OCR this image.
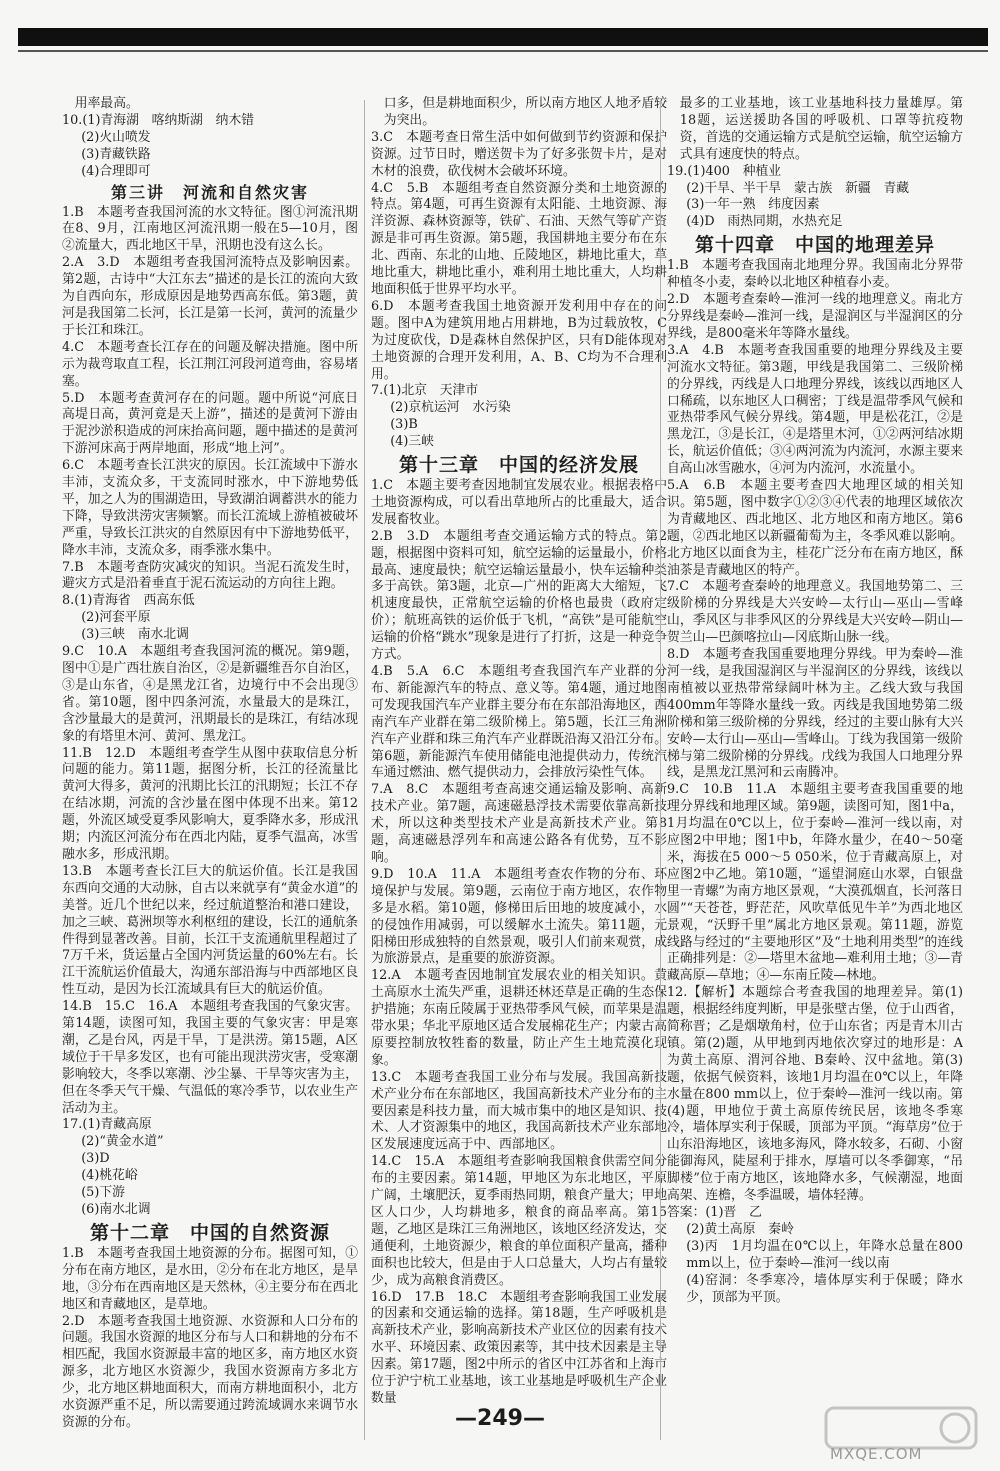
用率最高。
10.(1)青海湖　喀纳斯湖　纳木错
(2)火山喷发
(3)青藏铁路
(4)合理即可
第三讲　河流和自然灾害
1.B　本题考查我国河流的水文特征。图①河流汛期在8、9月，江南地区河流汛期一般在5—10月，图②流量大，西北地区干旱，汛期也没有这么长。
2.A　3.D　本题组考查我国河流特点及影响因素。第2题，古诗中“大江东去”描述的是长江的流向大致为自西向东，形成原因是地势西高东低。第3题，黄河是我国第二长河，长江是第一长河，黄河的流量少于长江和珠江。
4.C　本题考查长江存在的问题及解决措施。图中所示为裁弯取直工程，长江荆江河段河道弯曲，容易堵塞。
5.D　本题考查黄河存在的问题。题中所说“河底日高堤日高，黄河竟是天上游”，描述的是黄河下游由于泥沙淤积造成的河床抬高问题，题中描述的是黄河下游河床高于两岸地面，形成“地上河”。
6.C　本题考查长江洪灾的原因。长江流域中下游水丰沛，支流众多，干支流同时涨水，中下游地势低平，加之人为的围湖造田，导致湖泊调蓄洪水的能力下降，导致洪涝灾害频繁。而长江流域上游植被破坏严重，导致长江洪灾的自然原因有中下游地势低平，降水丰沛，支流众多，雨季涨水集中。
7.B　本题考查防灾减灾的知识。当泥石流发生时，避灾方式是沿着垂直于泥石流运动的方向往上跑。
8.(1)青海省　西高东低
(2)河套平原
(3)三峡　南水北调
9.C　10.A　本题组考查我国河流的概况。第9题，图中①是广西壮族自治区，②是新疆维吾尔自治区，③是山东省，④是黑龙江省，边境行中不会出现③省。第10题，图中四条河流，水量最大的是珠江，含沙量最大的是黄河，汛期最长的是珠江，有结冰现象的有塔里木河、黄河、黑龙江。
11.B　12.D　本题组考查学生从图中获取信息分析问题的能力。第11题，据图分析，长江的径流量比黄河大得多，黄河的汛期比长江的汛期短；长江不存在结冰期，河流的含沙量在图中体现不出来。第12题，外流区域受夏季风影响大，夏季降水多，形成汛期；内流区河流分布在西北内陆，夏季气温高，冰雪融水多，形成汛期。
13.B　本题考查长江巨大的航运价值。长江是我国东西向交通的大动脉，自古以来就享有“黄金水道”的美誉。近几个世纪以来，经过航道整治和港口建设，加之三峡、葛洲坝等水利枢纽的建设，长江的通航条件得到显著改善。目前，长江干支流通航里程超过了7万千米，货运量占全国内河货运量的60%左右。长江干流航运价值最大，沟通东部沿海与中西部地区良性互动，是因为长江流域具有巨大的航运价值。
14.B　15.C　16.A　本题组考查我国的气象灾害。第14题，读图可知，我国主要的气象灾害：甲是寒潮，乙是台风，丙是干旱，丁是洪涝。第15题，A区域位于干旱多发区，也有可能出现洪涝灾害，受寒潮影响较大，冬季以寒潮、沙尘暴、干旱等灾害为主，但在冬季天气干燥、气温低的寒冷季节，以农业生产活动为主。
17.(1)青藏高原
(2)“黄金水道”
(3)D
(4)桃花峪
(5)下游
(6)南水北调
第十二章　中国的自然资源
1.B　本题考查我国土地资源的分布。据图可知，①分布在南方地区，是水田，②分布在北方地区，是旱地，③分布在西南地区是天然林，④主要分布在西北地区和青藏地区，是草地。
2.D　本题考查我国土地资源、水资源和人口分布的问题。我国水资源的地区分布与人口和耕地的分布不相匹配，我国水资源最丰富的地区多，南方地区水资源多，北方地区水资源少，我国水资源南方多北方少，北方地区耕地面积大，而南方耕地面积小，北方水资源严重不足，所以需要通过跨流域调水来调节水资源的分布。
口多，但是耕地面积少，所以南方地区人地矛盾较为突出。
3.C　本题考查日常生活中如何做到节约资源和保护资源。过节日时，赠送贺卡为了好多张贺卡片，是对木材的浪费，砍伐树木会破坏环境。
4.C　5.B　本题组考查自然资源分类和土地资源的特点。第4题，可再生资源有太阳能、土地资源、海洋资源、森林资源等，铁矿、石油、天然气等矿产资源是非可再生资源。第5题，我国耕地主要分布在东北、西南、东北的山地、丘陵地区，耕地比重大，草地比重大，耕地比重小，难利用土地比重大，人均耕地面积低于世界平均水平。
6.D　本题考查我国土地资源开发利用中存在的问题。图中A为建筑用地占用耕地，B为过载放牧，C为过度砍伐，D是森林自然保护区，只有D能体现对土地资源的合理开发利用，A、B、C均为不合理利用。
7.(1)北京　天津市
(2)京杭运河　水污染
(3)B
(4)三峡
第十三章　中国的经济发展
1.C　本题主要考查因地制宜发展农业。根据表格中土地资源构成，可以看出草地所占的比重最大，适合发展畜牧业。
2.B　3.D　本题组考查交通运输方式的特点。第2题，根据图中资料可知，航空运输的运量最小，价格最高、速度最快；航空运输运量最小，快车运输种类多于高铁。第3题，北京—广州的距离大大缩短，飞机速度最快，正常航空运输的价格也最贵（政府定价）；航班高铁的运价低于飞机，“高铁”是可能航空运输的价格“跳水”现象是进行了打折，这是一种竞争方式。
4.B　5.A　6.C　本题组考查我国汽车产业群的分布、新能源汽车的特点、意义等。第4题，通过地图可发现我国汽车产业群主要分布在东部沿海地区，西南汽车产业群在第二级阶梯上。第5题，长江三角洲汽车产业群和珠三角汽车产业群既沿海又沿江分布。第6题，新能源汽车使用储能电池提供动力，传统汽车通过燃油、燃气提供动力，会排放污染性气体。
7.A　8.C　本题组考查高速交通运输及影响、高新技术产业。第7题，高速磁悬浮技术需要依靠高新技术，所以这种类型技术产业是高新技术产业。第8题，高速磁悬浮列车和高速公路各有优势，互不影响。
9.D　10.A　11.A　本题组考查农作物的分布、环境保护与发展。第9题，云南位于南方地区，农作物多是水稻。第10题，修梯田后田地的坡度减小，水的侵蚀作用减弱，可以缓解水土流失。第11题，元阳梯田形成独特的自然景观，吸引人们前来观赏，成为旅游景点，是重要的旅游资源。
12.A　本题考查因地制宜发展农业的相关知识。黄土高原水土流失严重，退耕还林还草是正确的生态保护措施；东南丘陵属于亚热带季风气候，而苹果是温带水果；华北平原地区适合发展棉花生产；内蒙古高原要控制放牧牲畜的数量，防止产生土地荒漠化现象。
13.C　本题考查我国工业分布与发展。我国高新技术产业分布在东部地区，我国高新技术产业分布的主要因素是科技力量，而大城市集中的地区是知识、技术、人才资源集中的地区，我国高新技术产业东部地区发展速度远高于中、西部地区。
14.C　15.A　本题组考查影响我国粮食供需空间分布的主要因素。第14题，甲地区为东北地区，平原广阔，土壤肥沃，夏季雨热同期，粮食产量大；甲地区人口少，人均耕地多，粮食的商品率高。第15题，乙地区是珠江三角洲地区，该地区经济发达，交通便利，土地资源少，粮食的单位面积产量高，播种面积也比较大，但是由于人口总量大，人均占有量较少，成为高粮食消费区。
16.D　17.B　18.C　本题组考查影响我国工业发展的因素和交通运输的选择。第18题，生产呼吸机是高新技术产业，影响高新技术产业区位的因素有技术水平、环境因素、政策因素等，其中技术因素是主导因素。第17题，图2中所示的省区中江苏省和上海市位于沪宁杭工业基地，该工业基地是呼吸机生产企业数量
最多的工业基地，该工业基地科技力量雄厚。第18题，运送援助各国的呼吸机、口罩等抗疫物资，首选的交通运输方式是航空运输，航空运输方式具有速度快的特点。
19.(1)400　种植业
(2)干旱、半干旱　蒙古族　新疆　青藏
(3)一年一熟　纬度因素
(4)D　雨热同期，水热充足
第十四章　中国的地理差异
1.B　本题考查我国南北地理分界。我国南北分界带种植冬小麦，秦岭以北地区种植春小麦。
2.D　本题考查秦岭—淮河一线的地理意义。南北方分界线是秦岭—淮河一线，是湿润区与半湿润区的分界线，是800毫米年等降水量线。
3.A　4.B　本题考查我国重要的地理分界线及主要河流水文特征。第3题，甲线是我国第二、三级阶梯的分界线，丙线是人口地理分界线，该线以西地区人口稀疏，以东地区人口稠密；丁线是温带季风气候和亚热带季风气候分界线。第4题，甲是松花江，②是黑龙江，③是长江，④是塔里木河，①②两河结冰期长，航运价值低；③④两河流为内流河，水源主要来自高山冰雪融水，④河为内流河，水流量小。
5.A　6.B　本题主要考查四大地理区域的相关知识。第5题，图中数字①②③④代表的地理区域依次为青藏地区、西北地区、北方地区和南方地区。第6题，②西北地区以新疆葡萄为主，冬季风难以影响。北方地区以面食为主，桂花广泛分布在南方地区，酥油茶是青藏地区的特产。
7.C　本题考查秦岭的地理意义。我国地势第二、三级阶梯的分界线是大兴安岭—太行山—巫山—雪峰山，季风区与非季风区的分界线是大兴安岭—阴山—贺兰山—巴颜喀拉山—冈底斯山脉一线。
8.D　本题考查我国重要地理分界线。甲为秦岭—淮河一线，是我国湿润区与半湿润区的分界线，该线以南植被以亚热带常绿阔叶林为主。乙线大致与我国400mm年等降水量线一致。丙线是我国地势第二级阶梯和第三级阶梯的分界线，经过的主要山脉有大兴安岭—太行山—巫山—雪峰山。丁线为我国第一级阶梯与第二级阶梯的分界线。戊线为我国人口地理分界线，是黑龙江黑河和云南腾冲。
9.C　10.B　11.A　本题组主要考查我国重要的地理分界线和地理区域。第9题，读图可知，图1中a，1月均温在0℃以上，位于秦岭—淮河一线以南，对应图2中甲地；图1中b，年降水量少，在40～50毫米，海拔在5 000～5 050米，位于青藏高原上，对应图2中乙地。第10题，“遥望洞庭山水翠，白银盘里一青螺”为南方地区景观，“大漠孤烟直，长河落日圆”“天苍苍，野茫茫，风吹草低见牛羊”为西北地区景观，“沃野千里”属北方地区景观。第11题，游览线路与经过的“主要地形区”及“土地利用类型”的连线正确排列是：②—塔里木盆地—难利用土地；③—青藏高原—草地；④—东南丘陵—林地。
12.【解析】本题综合考查我国的地理差异。第(1)题，根据经纬度判断，甲是张壁古堡，位于山西省，简称晋；乙是烟墩角村，位于山东省；丙是青木川古镇。第(2)题，从甲地到丙地依次穿过的地形是：A为黄土高原、渭河谷地、B秦岭、汉中盆地。第(3)题，依据气候资料，该地1月均温在0℃以上，年降水量在800 mm以上，位于秦岭—淮河一线以南。第(4)题，甲地位于黄土高原传统民居，该地冬季寒冷，墙体厚实利于保暖，顶部为平顶。“海草房”位于山东沿海地区，该地多海风，降水较多，石砌、小窗能御海风，陡屋利于排水，厚墙可以冬季御寒，“吊脚楼”位于南方地区，该地降水多，气候潮湿，地面高架、连檐，冬季温暖，墙体轻薄。
答案：(1)晋　乙
(2)黄土高原　秦岭
(3)丙　1月均温在0℃以上，年降水总量在800 mm以上，位于秦岭—淮河一线以南
(4)窑洞：冬季寒冷，墙体厚实利于保暖；降水少，顶部为平顶。
—249—
MXQE.COM
